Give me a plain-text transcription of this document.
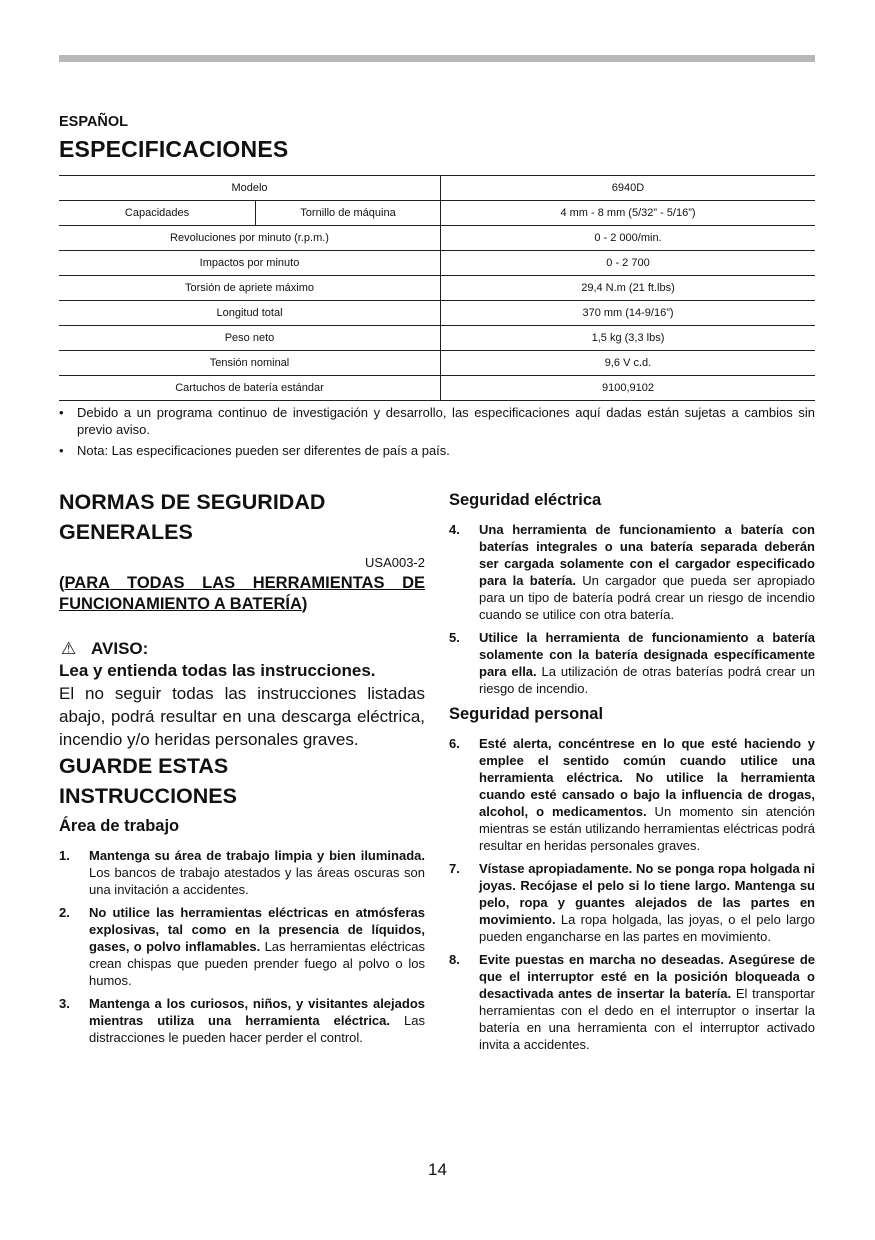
ESPAÑOL
ESPECIFICACIONES
Modelo		6940D
Capacidades	Tornillo de máquina	4 mm - 8 mm (5/32” - 5/16”)
Revoluciones por minuto (r.p.m.)		0 - 2 000/min.
Impactos por minuto		0 - 2 700
Torsión de apriete máximo		29,4 N.m (21 ft.lbs)
Longitud total		370 mm (14-9/16”)
Peso neto		1,5 kg (3,3 lbs)
Tensión nominal		9,6 V c.d.
Cartuchos de batería estándar		9100,9102
• Debido a un programa continuo de investigación y desarrollo, las especificaciones aquí dadas están sujetas a cambios sin previo aviso.
• Nota: Las especificaciones pueden ser diferentes de país a país.
NORMAS DE SEGURIDAD
GENERALES
USA003-2
(PARA TODAS LAS HERRAMIENTAS DE FUNCIONAMIENTO A BATERÍA)
⚠ AVISO:
Lea y entienda todas las instrucciones.
El no seguir todas las instrucciones listadas abajo, podrá resultar en una descarga eléctrica, incendio y/o heridas personales graves.
GUARDE ESTAS
INSTRUCCIONES
Área de trabajo
1. Mantenga su área de trabajo limpia y bien iluminada. Los bancos de trabajo atestados y las áreas oscuras son una invitación a accidentes.
2. No utilice las herramientas eléctricas en atmósferas explosivas, tal como en la presencia de líquidos, gases, o polvo inflamables. Las herramientas eléctricas crean chispas que pueden prender fuego al polvo o los humos.
3. Mantenga a los curiosos, niños, y visitantes alejados mientras utiliza una herramienta eléctrica. Las distracciones le pueden hacer perder el control.
Seguridad eléctrica
4. Una herramienta de funcionamiento a batería con baterías integrales o una batería separada deberán ser cargada solamente con el cargador especificado para la batería. Un cargador que pueda ser apropiado para un tipo de batería podrá crear un riesgo de incendio cuando se utilice con otra batería.
5. Utilice la herramienta de funcionamiento a batería solamente con la batería designada específicamente para ella. La utilización de otras baterías podrá crear un riesgo de incendio.
Seguridad personal
6. Esté alerta, concéntrese en lo que esté haciendo y emplee el sentido común cuando utilice una herramienta eléctrica. No utilice la herramienta cuando esté cansado o bajo la influencia de drogas, alcohol, o medicamentos. Un momento sin atención mientras se están utilizando herramientas eléctricas podrá resultar en heridas personales graves.
7. Vístase apropiadamente. No se ponga ropa holgada ni joyas. Recójase el pelo si lo tiene largo. Mantenga su pelo, ropa y guantes alejados de las partes en movimiento. La ropa holgada, las joyas, o el pelo largo pueden engancharse en las partes en movimiento.
8. Evite puestas en marcha no deseadas. Asegúrese de que el interruptor esté en la posición bloqueada o desactivada antes de insertar la batería. El transportar herramientas con el dedo en el interruptor o insertar la batería en una herramienta con el interruptor activado invita a accidentes.
14
